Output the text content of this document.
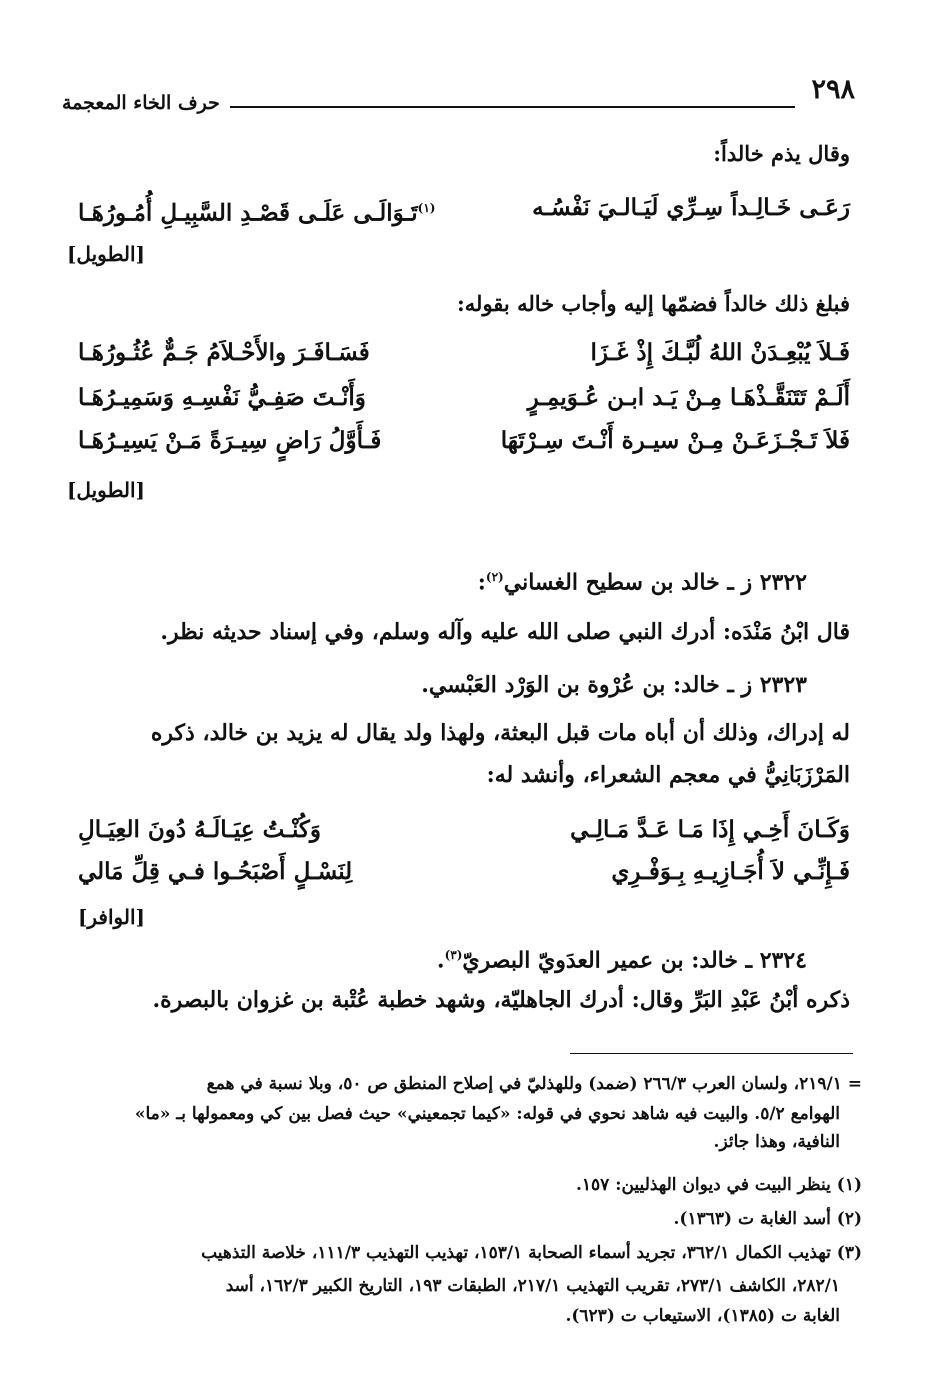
٢٩٨
حرف الخاء المعجمة
وقال يذم خالداً:
رَعَـى خَـالِـداً سِـرِّي لَيَـالـيَ نَفْسُـه
$^{(١)}$تَـوَالَـى عَلَـى قَصْـدِ السَّبِيـلِ أُمُـورُهَـا
[الطويل]
فبلغ ذلك خالداً فضمّها إليه وأجاب خاله بقوله:
فَـلاَ يُبْعِـدَنْ اللهُ لُبَّـكَ إِذْ غَـزَا
فَسَـافَـرَ والأَحْـلاَمُ جَـمٌّ عُثُـورُهَـا
أَلَـمْ تَتَنَقَّـذْهَـا مِـنْ يَـد ابـن عُـوَيمِـرٍ
وَأَنْـتَ صَفِـيُّ نَفْسِـهِ وَسَمِيـرُهَـا
فَلاَ تَـجْـزَعَـنْ مِـنْ سيـرة أَنْـتَ سِـرْتَهَا
فَـأَوَّلُ رَاضٍ سِيـرَةً مَـنْ يَسِيـرُهَـا
[الطويل]
٢٣٢٢ ز ـ خالد بن سطيح الغساني$^{(٢)}$:
قال ابْنُ مَنْدَه: أدرك النبي صلى الله عليه وآله وسلم، وفي إسناد حديثه نظر.
٢٣٢٣ ز ـ خالد: بن عُرْوة بن الوَرْد العَبْسي.
له إدراك، وذلك أن أباه مات قبل البعثة، ولهذا ولد يقال له يزيد بن خالد، ذكره
المَرْزَبَانِيُّ في معجم الشعراء، وأنشد له:
وَكَـانَ أَخِـي إِذَا مَـا عَـدَّ مَـالِـي
وَكُنْـتُ عِيَـالَـهُ دُونَ العِيَـالِ
فَـإِنِّـي لاَ أُجَـازِيـهِ بِـوَفْـرِي
لِنَسْـلٍ أَصْبَحُـوا فـي قِلِّ مَالي
[الوافر]
٢٣٢٤ ـ خالد: بن عمير العدَويّ البصريّ$^{(٣)}$.
ذكره أبْنُ عَبْدِ البَرِّ وقال: أدرك الجاهليّة، وشهد خطبة عُتْبة بن غزوان بالبصرة.
= ٢١٩/١، ولسان العرب ٢٦٦/٣ (ضمد) وللهذليّ في إصلاح المنطق ص ٥٠، وبلا نسبة في همع
الهوامع ٥/٢. والبيت فيه شاهد نحوي في قوله: «كيما تجمعيني» حيث فصل بين كي ومعمولها بـ «ما»
النافية، وهذا جائز.
(١) ينظر البيت في ديوان الهذليين: ١٥٧.
(٢) أسد الغابة ت (١٣٦٣).
(٣) تهذيب الكمال ٣٦٢/١، تجريد أسماء الصحابة ١٥٣/١، تهذيب التهذيب ١١١/٣، خلاصة التذهيب
٢٨٢/١، الكاشف ٢٧٣/١، تقريب التهذيب ٢١٧/١، الطبقات ١٩٣، التاريخ الكبير ١٦٢/٣، أسد
الغابة ت (١٣٨٥)، الاستيعاب ت (٦٢٣).
